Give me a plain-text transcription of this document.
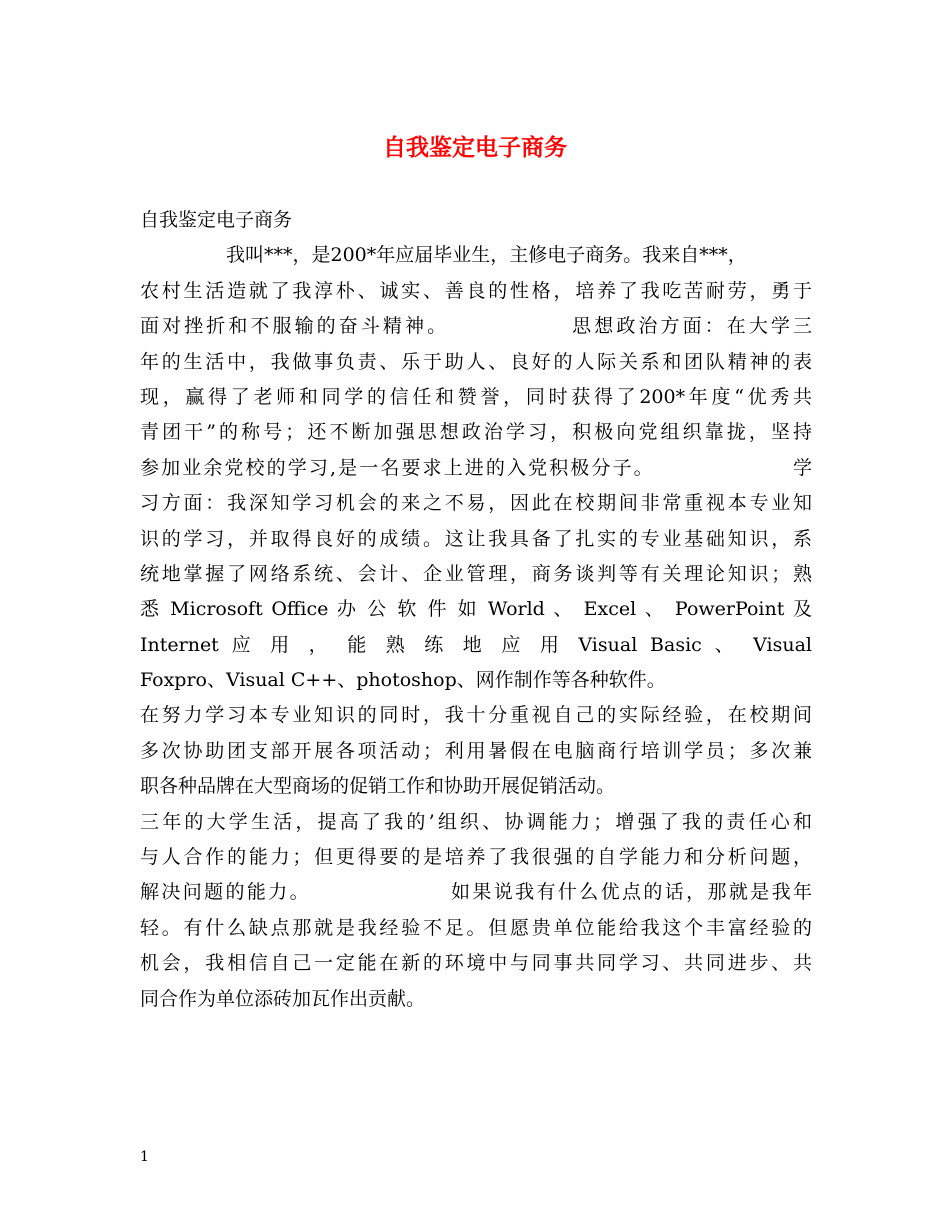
自我鉴定电子商务
自我鉴定电子商务
我叫***，是200*年应届毕业生，主修电子商务。我来自***，
农村生活造就了我淳朴、诚实、善良的性格，培养了我吃苦耐劳，勇于
面对挫折和不服输的奋斗精神。　　　　　　思想政治方面：在大学三
年的生活中，我做事负责、乐于助人、良好的人际关系和团队精神的表
现，赢得了老师和同学的信任和赞誉，同时获得了200*年度“优秀共
青团干”的称号；还不断加强思想政治学习，积极向党组织靠拢，坚持
参加业余党校的学习,是一名要求上进的入党积极分子。　　　　　　　学
习方面：我深知学习机会的来之不易，因此在校期间非常重视本专业知
识的学习，并取得良好的成绩。这让我具备了扎实的专业基础知识，系
统地掌握了网络系统、会计、企业管理，商务谈判等有关理论知识；熟
悉 Microsoft Office 办 公 软 件 如 World 、 Excel 、 PowerPoint 及
Internet 应 用 ， 能 熟 练 地 应 用 Visual Basic 、 Visual
Foxpro、Visual C++、photoshop、网作制作等各种软件。
在努力学习本专业知识的同时，我十分重视自己的实际经验，在校期间
多次协助团支部开展各项活动；利用暑假在电脑商行培训学员；多次兼
职各种品牌在大型商场的促销工作和协助开展促销活动。
三年的大学生活，提高了我的’组织、协调能力；增强了我的责任心和
与人合作的能力；但更得要的是培养了我很强的自学能力和分析问题，
解决问题的能力。　　　　　　　如果说我有什么优点的话，那就是我年
轻。有什么缺点那就是我经验不足。但愿贵单位能给我这个丰富经验的
机会，我相信自己一定能在新的环境中与同事共同学习、共同进步、共
同合作为单位添砖加瓦作出贡献。
1
